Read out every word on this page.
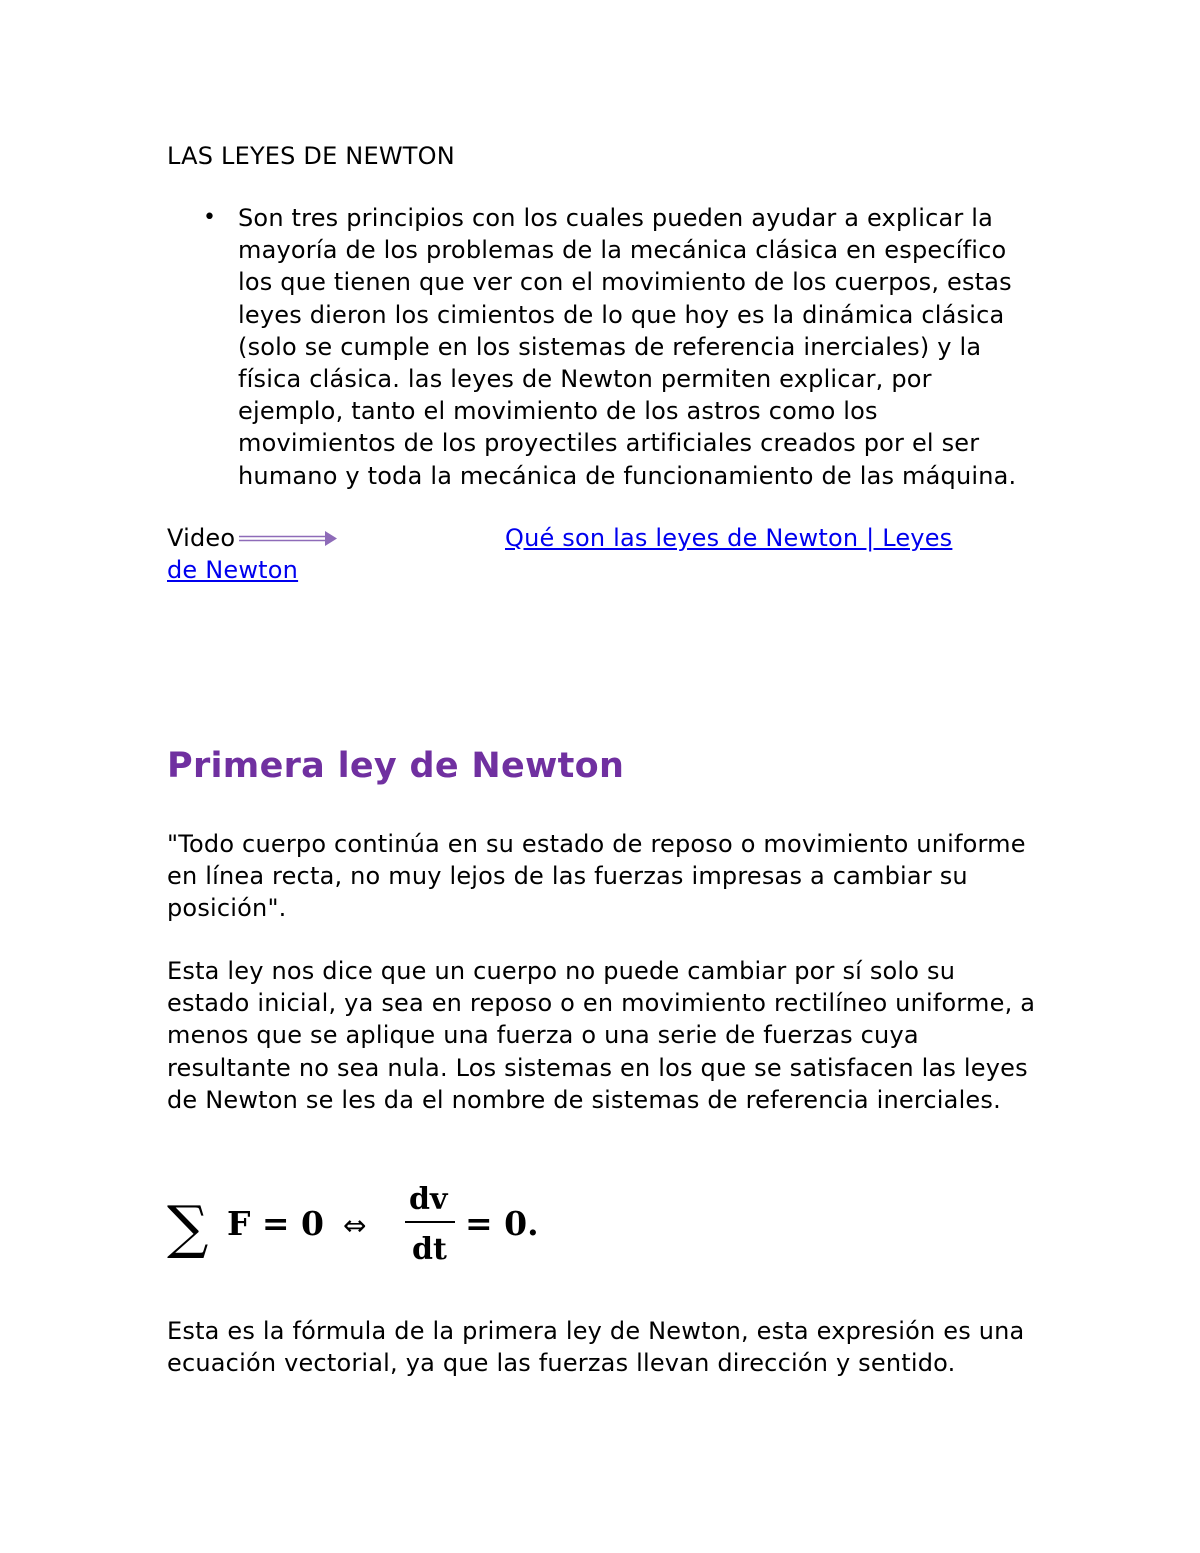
LAS LEYES DE NEWTON
• Son tres principios con los cuales pueden ayudar a explicar la mayoría de los problemas de la mecánica clásica en específico los que tienen que ver con el movimiento de los cuerpos, estas leyes dieron los cimientos de lo que hoy es la dinámica clásica (solo se cumple en los sistemas de referencia inerciales) y la física clásica. las leyes de Newton permiten explicar, por ejemplo, tanto el movimiento de los astros como los movimientos de los proyectiles artificiales creados por el ser humano y toda la mecánica de funcionamiento de las máquina.
Video	Qué son las leyes de Newton | Leyes
de Newton
Primera ley de Newton

"Todo cuerpo continúa en su estado de reposo o movimiento uniforme en línea recta, no muy lejos de las fuerzas impresas a cambiar su posición".

Esta ley nos dice que un cuerpo no puede cambiar por sí solo su estado inicial, ya sea en reposo o en movimiento rectilíneo uniforme, a menos que se aplique una fuerza o una serie de fuerzas cuya resultante no sea nula. Los sistemas en los que se satisfacen las leyes de Newton se les da el nombre de sistemas de referencia inerciales.

∑ F = 0 ⇔
dv
dt
= 0.

Esta es la fórmula de la primera ley de Newton, esta expresión es una ecuación vectorial, ya que las fuerzas llevan dirección y sentido.
